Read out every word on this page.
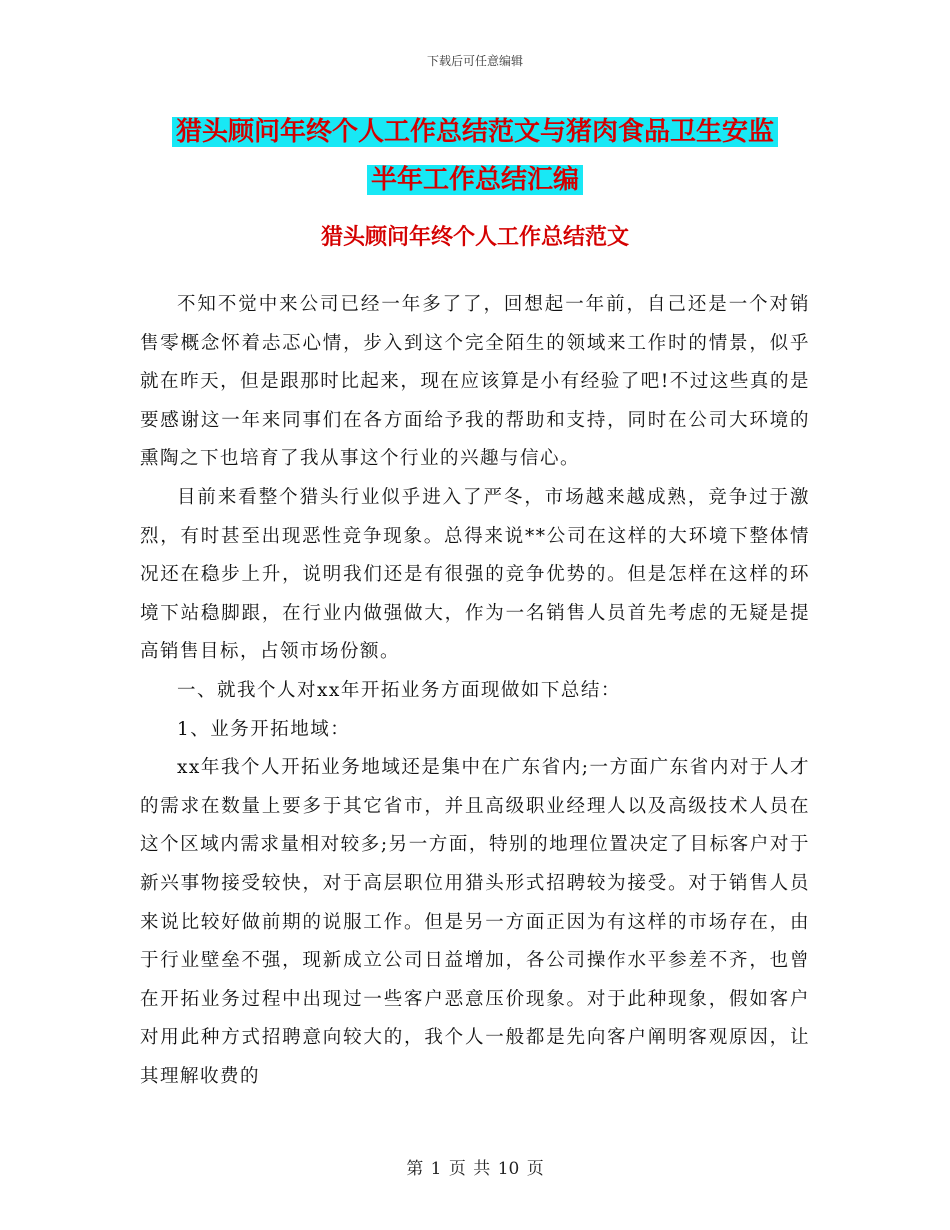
下载后可任意编辑
猎头顾问年终个人工作总结范文与猪肉食品卫生安监
半年工作总结汇编
猎头顾问年终个人工作总结范文

不知不觉中来公司已经一年多了了，回想起一年前，自己还是一个对销售零概念怀着忐忑心情，步入到这个完全陌生的领域来工作时的情景，似乎就在昨天，但是跟那时比起来，现在应该算是小有经验了吧!不过这些真的是要感谢这一年来同事们在各方面给予我的帮助和支持，同时在公司大环境的熏陶之下也培育了我从事这个行业的兴趣与信心。

目前来看整个猎头行业似乎进入了严冬，市场越来越成熟，竞争过于激烈，有时甚至出现恶性竞争现象。总得来说**公司在这样的大环境下整体情况还在稳步上升，说明我们还是有很强的竞争优势的。但是怎样在这样的环境下站稳脚跟，在行业内做强做大，作为一名销售人员首先考虑的无疑是提高销售目标，占领市场份额。

一、就我个人对xx年开拓业务方面现做如下总结：

1、业务开拓地域：

xx年我个人开拓业务地域还是集中在广东省内;一方面广东省内对于人才的需求在数量上要多于其它省市，并且高级职业经理人以及高级技术人员在这个区域内需求量相对较多;另一方面，特别的地理位置决定了目标客户对于新兴事物接受较快，对于高层职位用猎头形式招聘较为接受。对于销售人员来说比较好做前期的说服工作。但是另一方面正因为有这样的市场存在，由于行业壁垒不强，现新成立公司日益增加，各公司操作水平参差不齐，也曾在开拓业务过程中出现过一些客户恶意压价现象。对于此种现象，假如客户对用此种方式招聘意向较大的，我个人一般都是先向客户阐明客观原因，让其理解收费的

第 1 页 共 10 页
